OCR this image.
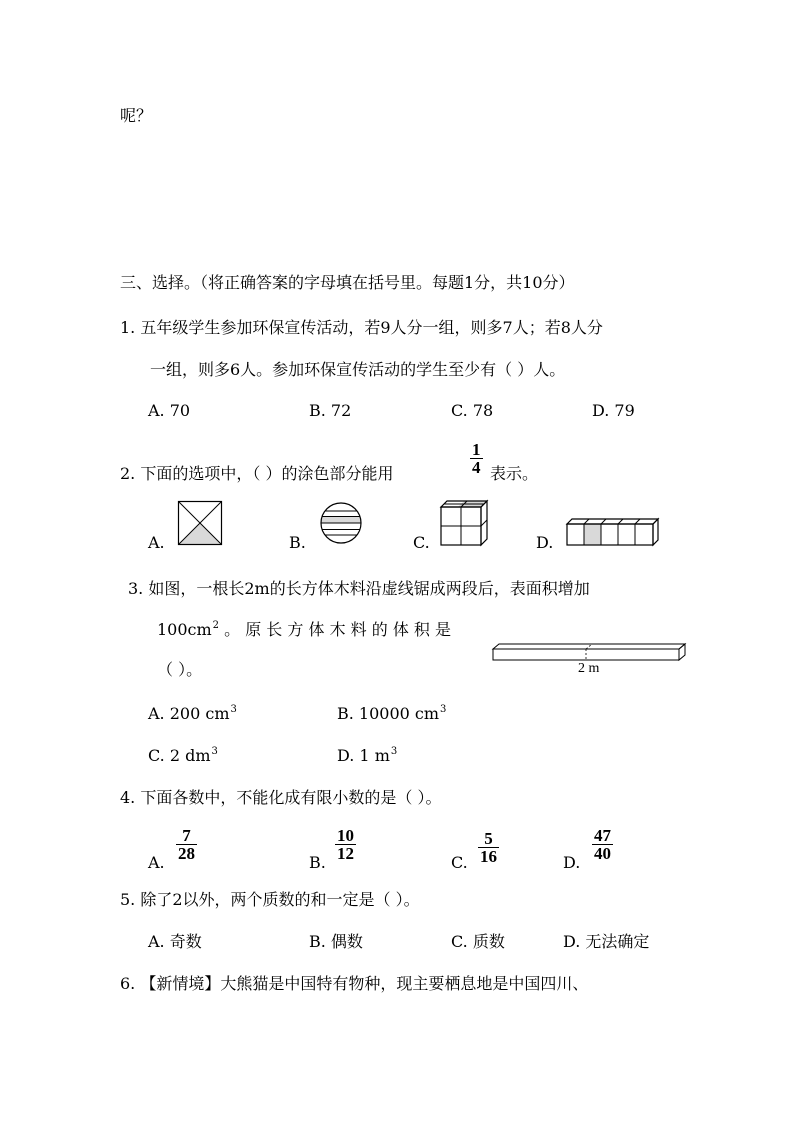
呢？
三、选择。（将正确答案的字母填在括号里。每题1分，共10分）
1. 五年级学生参加环保宣传活动，若9人分一组，则多7人；若8人分
一组，则多6人。参加环保宣传活动的学生至少有（ ）人。
A. 70	B. 72	C. 78	D. 79
2. 下面的选项中，（ ）的涂色部分能用	$\frac{1}{4}$ 表示。
A.	B.	C.	D.
3. 如图，一根长2m的长方体木料沿虚线锯成两段后，表面积增加
$100cm^2$ 。 原 长 方 体 木 料 的 体 积 是
（ ）。	2 m
A. 200 $cm^3$	B. 10000 $cm^3$
C. 2 $dm^3$	D. 1 $m^3$
4. 下面各数中，不能化成有限小数的是（ ）。
A.
$\frac{7}{28}$
B.
$\frac{10}{12}$
C. $\frac{5}{16}$	D.
$\frac{47}{40}$
5. 除了2以外，两个质数的和一定是（ ）。
A. 奇数	B. 偶数	C. 质数	D. 无法确定
6. 【新情境】大熊猫是中国特有物种，现主要栖息地是中国四川、
